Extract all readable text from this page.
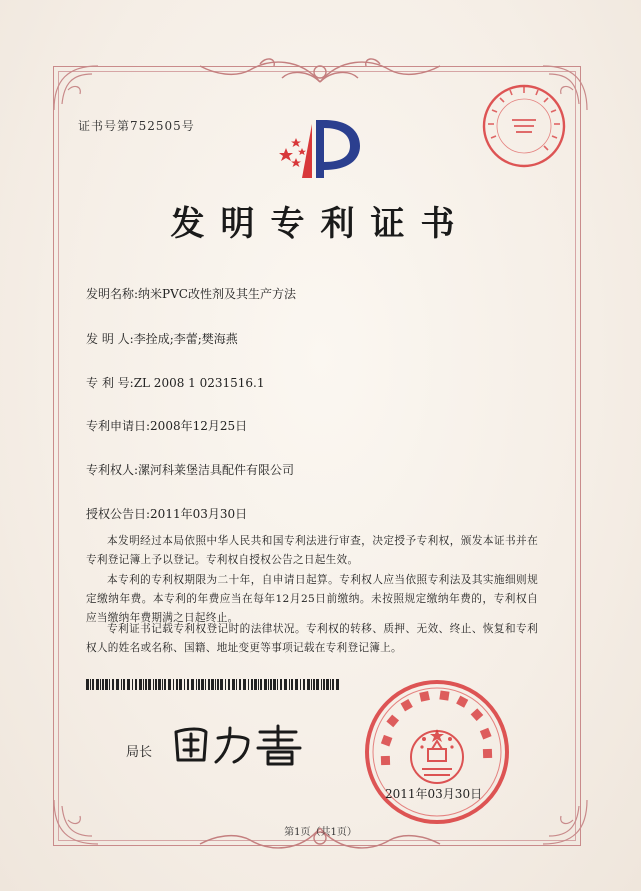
证书号第752505号
发明专利证书
发明名称:纳米PVC改性剂及其生产方法
发 明 人:李拴成;李蕾;樊海燕
专 利 号:ZL 2008 1 0231516.1
专利申请日:2008年12月25日
专利权人:漯河科莱堡洁具配件有限公司
授权公告日:2011年03月30日
本发明经过本局依照中华人民共和国专利法进行审查，决定授予专利权，颁发本证书并在专利登记簿上予以登记。专利权自授权公告之日起生效。
本专利的专利权期限为二十年，自申请日起算。专利权人应当依照专利法及其实施细则规定缴纳年费。本专利的年费应当在每年12月25日前缴纳。未按照规定缴纳年费的，专利权自应当缴纳年费期满之日起终止。
专利证书记载专利权登记时的法律状况。专利权的转移、质押、无效、终止、恢复和专利权人的姓名或名称、国籍、地址变更等事项记载在专利登记簿上。
局长
2011年03月30日
第1页（共1页）
